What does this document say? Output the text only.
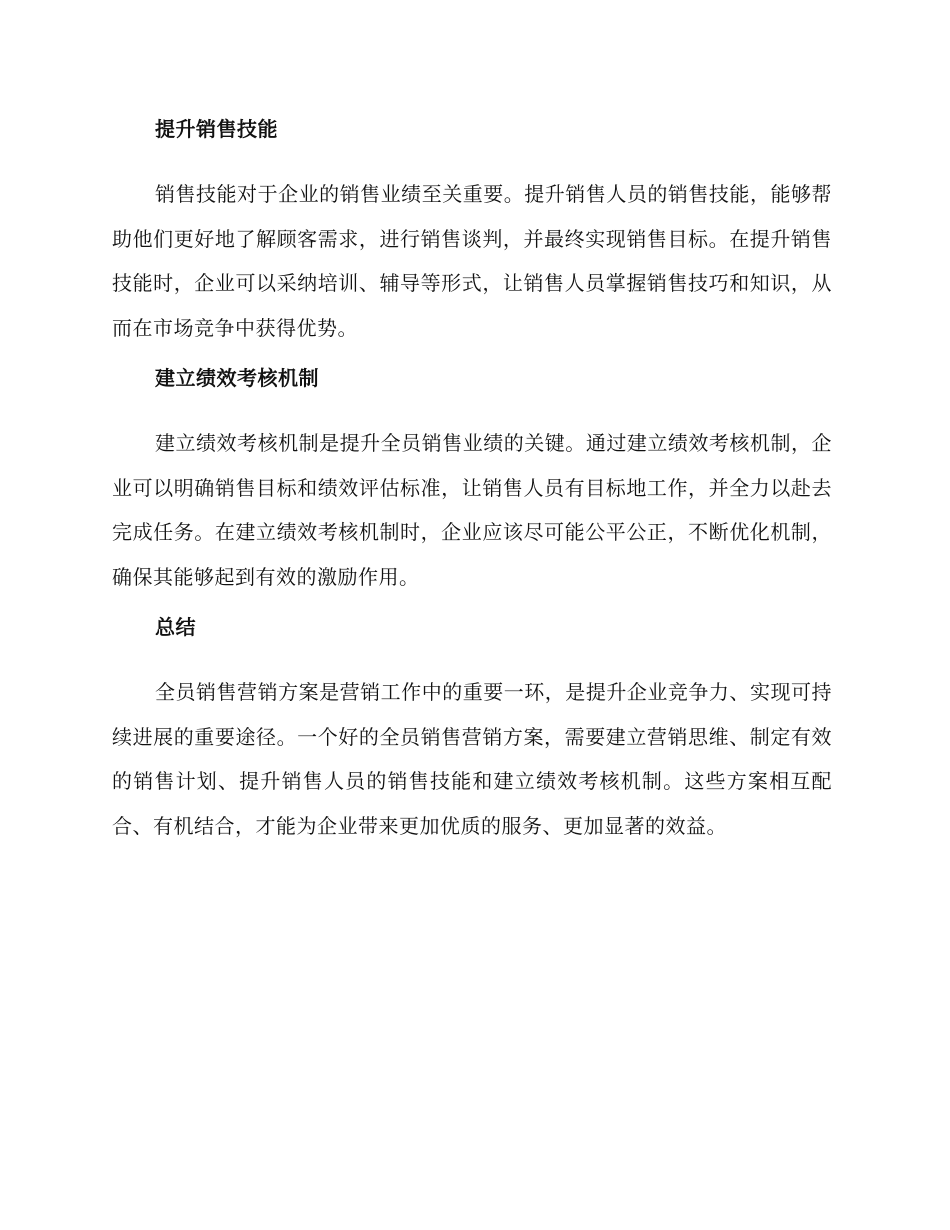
提升销售技能

销售技能对于企业的销售业绩至关重要。提升销售人员的销售技能，能够帮助他们更好地了解顾客需求，进行销售谈判，并最终实现销售目标。在提升销售技能时，企业可以采纳培训、辅导等形式，让销售人员掌握销售技巧和知识，从而在市场竞争中获得优势。

建立绩效考核机制

建立绩效考核机制是提升全员销售业绩的关键。通过建立绩效考核机制，企业可以明确销售目标和绩效评估标准，让销售人员有目标地工作，并全力以赴去完成任务。在建立绩效考核机制时，企业应该尽可能公平公正，不断优化机制，确保其能够起到有效的激励作用。

总结

全员销售营销方案是营销工作中的重要一环，是提升企业竞争力、实现可持续进展的重要途径。一个好的全员销售营销方案，需要建立营销思维、制定有效的销售计划、提升销售人员的销售技能和建立绩效考核机制。这些方案相互配合、有机结合，才能为企业带来更加优质的服务、更加显著的效益。
